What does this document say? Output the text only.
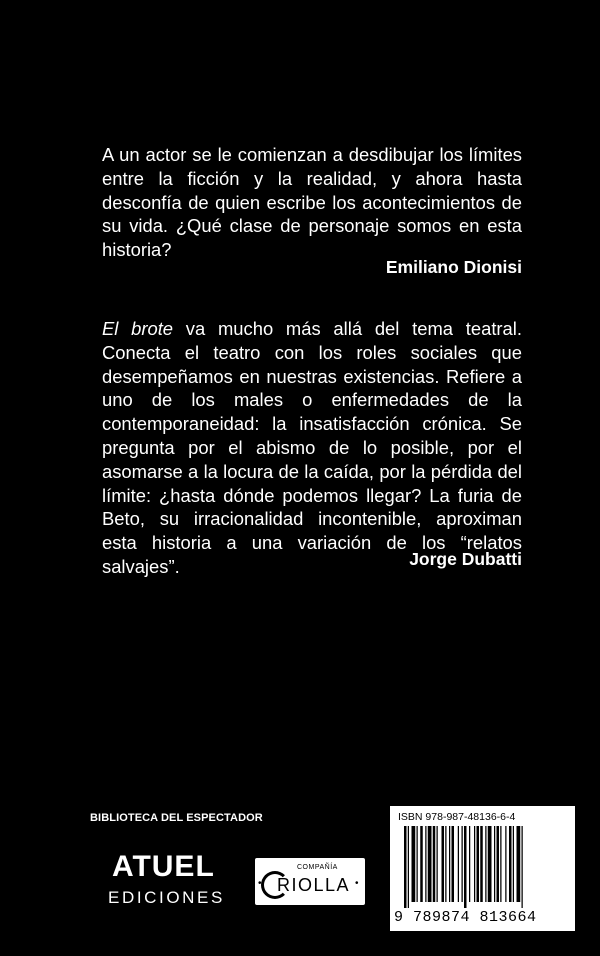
A un actor se le comienzan a desdibujar los límites entre la ficción y la realidad, y ahora hasta desconfía de quien escribe los acontecimientos de su vida. ¿Qué clase de personaje somos en esta historia?

Emiliano Dionisi

El brote va mucho más allá del tema teatral. Conecta el teatro con los roles sociales que desempeñamos en nuestras existencias. Refiere a uno de los males o enfermedades de la contemporaneidad: la insatisfacción crónica. Se pregunta por el abismo de lo posible, por el asomarse a la locura de la caída, por la pérdida del límite: ¿hasta dónde podemos llegar? La furia de Beto, su irracionalidad incontenible, aproximan esta historia a una variación de los “relatos salvajes”.	Jorge Dubatti

BIBLIOTECA DEL ESPECTADOR
ATUEL
EDICIONES
COMPAÑÍA
• RIOLLA •
ISBN 978-987-48136-6-4
9 789874 813664
